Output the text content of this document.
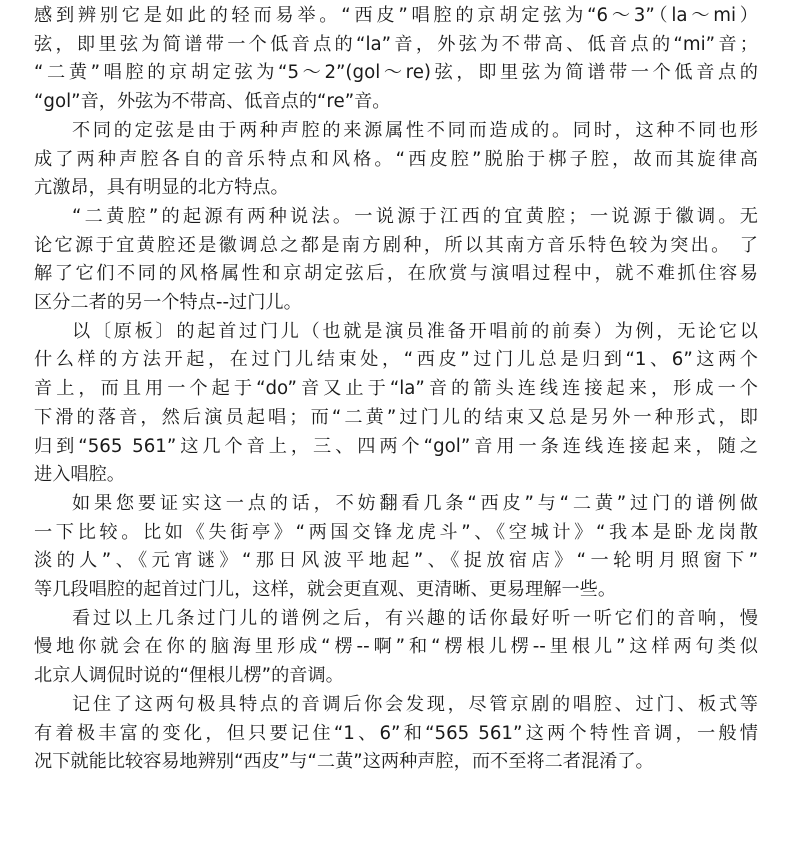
感到辨别它是如此的轻而易举。“西皮”唱腔的京胡定弦为“6～3”（la～mi）
弦，即里弦为简谱带一个低音点的“la”音，外弦为不带高、低音点的“mi”音；
“二黄”唱腔的京胡定弦为“5～2”(gol～re)弦，即里弦为简谱带一个低音点的
“gol”音，外弦为不带高、低音点的“re”音。

不同的定弦是由于两种声腔的来源属性不同而造成的。同时，这种不同也形
成了两种声腔各自的音乐特点和风格。“西皮腔”脱胎于梆子腔，故而其旋律高
亢激昂，具有明显的北方特点。

“二黄腔”的起源有两种说法。一说源于江西的宜黄腔；一说源于徽调。无
论它源于宜黄腔还是徽调总之都是南方剧种，所以其南方音乐特色较为突出。 了
解了它们不同的风格属性和京胡定弦后，在欣赏与演唱过程中，就不难抓住容易
区分二者的另一个特点--过门儿。

以〔原板〕的起首过门儿（也就是演员准备开唱前的前奏）为例，无论它以
什么样的方法开起，在过门儿结束处，“西皮”过门儿总是归到“1、6”这两个
音上，而且用一个起于“do”音又止于“la”音的箭头连线连接起来，形成一个
下滑的落音，然后演员起唱；而“二黄”过门儿的结束又总是另外一种形式，即
归到“565 561”这几个音上，三、四两个“gol”音用一条连线连接起来，随之
进入唱腔。

如果您要证实这一点的话，不妨翻看几条“西皮”与“二黄”过门的谱例做
一下比较。比如《失街亭》“两国交锋龙虎斗”、《空城计》“我本是卧龙岗散
淡的人”、《元宵谜》“那日风波平地起”、《捉放宿店》“一轮明月照窗下”
等几段唱腔的起首过门儿，这样，就会更直观、更清晰、更易理解一些。

看过以上几条过门儿的谱例之后，有兴趣的话你最好听一听它们的音响，慢
慢地你就会在你的脑海里形成“楞--啊”和“楞根儿楞--里根儿”这样两句类似
北京人调侃时说的“俚根儿楞”的音调。

记住了这两句极具特点的音调后你会发现，尽管京剧的唱腔、过门、板式等
有着极丰富的变化，但只要记住“1、6”和“565 561”这两个特性音调，一般情
况下就能比较容易地辨别“西皮”与“二黄”这两种声腔，而不至将二者混淆了。
